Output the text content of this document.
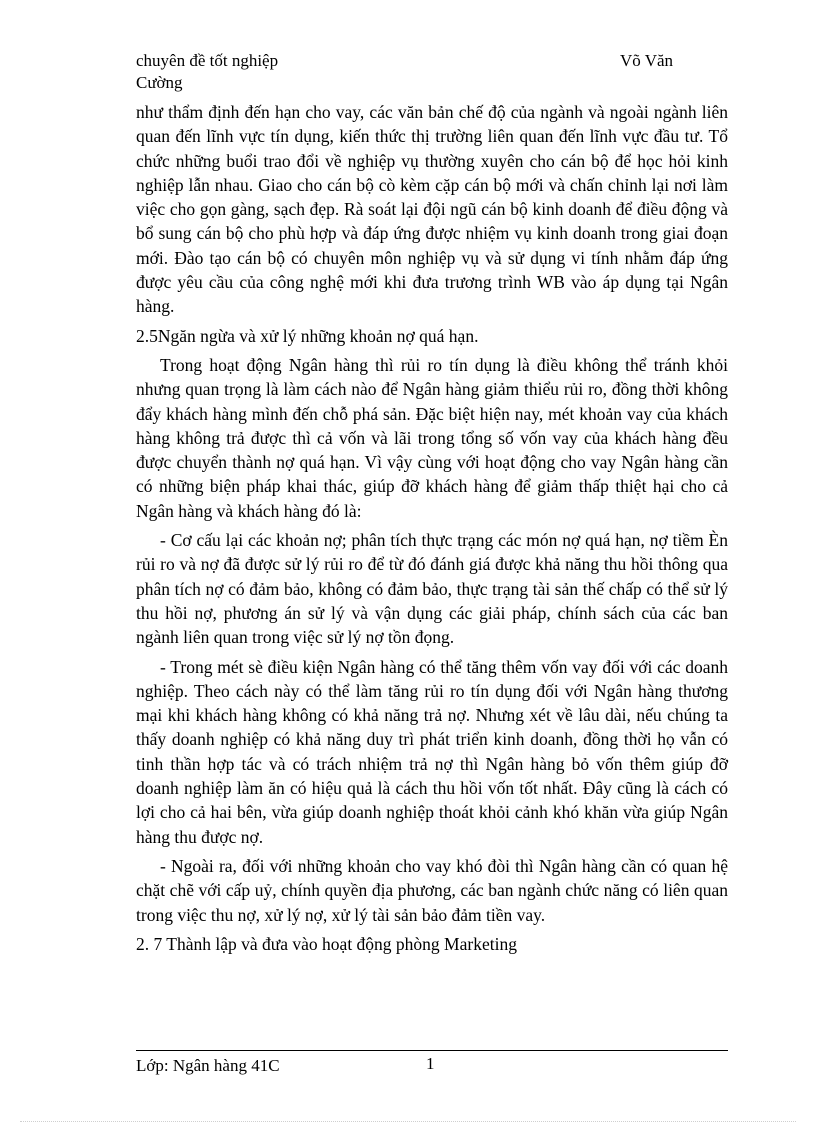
chuyên đề tốt nghiệp	Võ Văn
Cường

như thẩm định đến hạn cho vay, các văn bản chế độ của ngành và ngoài ngành liên quan đến lĩnh vực tín dụng, kiến thức thị trường liên quan đến lĩnh vực đầu tư. Tổ chức những buổi trao đổi về nghiệp vụ thường xuyên cho cán bộ để học hỏi kinh nghiệp lẫn nhau. Giao cho cán bộ cò kèm cặp cán bộ mới và chấn chỉnh lại nơi làm việc cho gọn gàng, sạch đẹp. Rà soát lại đội ngũ cán bộ kinh doanh để điều động và bổ sung cán bộ cho phù hợp và đáp ứng được nhiệm vụ kinh doanh trong giai đoạn mới. Đào tạo cán bộ có chuyên môn nghiệp vụ và sử dụng vi tính nhằm đáp ứng được yêu cầu của công nghệ mới khi đưa trương trình WB vào áp dụng tại Ngân hàng.

2.5Ngăn ngừa và xử lý những khoản nợ quá hạn.

Trong hoạt động Ngân hàng thì rủi ro tín dụng là điều không thể tránh khỏi nhưng quan trọng là làm cách nào để Ngân hàng giảm thiểu rủi ro, đồng thời không đẩy khách hàng mình đến chỗ phá sản. Đặc biệt hiện nay, mét khoản vay của khách hàng không trả được thì cả vốn và lãi trong tổng số vốn vay của khách hàng đều được chuyển thành nợ quá hạn. Vì vậy cùng với hoạt động cho vay Ngân hàng cần có những biện pháp khai thác, giúp đỡ khách hàng để giảm thấp thiệt hại cho cả Ngân hàng và khách hàng đó là:

- Cơ cấu lại các khoản nợ; phân tích thực trạng các món nợ quá hạn, nợ tiềm Èn rủi ro và nợ đã được sử lý rủi ro để từ đó đánh giá được khả năng thu hồi thông qua phân tích nợ có đảm bảo, không có đảm bảo, thực trạng tài sản thế chấp có thể sử lý thu hồi nợ, phương án sử lý và vận dụng các giải pháp, chính sách của các ban ngành liên quan trong việc sử lý nợ tồn đọng.

- Trong mét sè điều kiện Ngân hàng có thể tăng thêm vốn vay đối với các doanh nghiệp. Theo cách này có thể làm tăng rủi ro tín dụng đối với Ngân hàng thương mại khi khách hàng không có khả năng trả nợ. Nhưng xét về lâu dài, nếu chúng ta thấy doanh nghiệp có khả năng duy trì phát triển kinh doanh, đồng thời họ vẫn có tinh thần hợp tác và có trách nhiệm trả nợ thì Ngân hàng bỏ vốn thêm giúp đỡ doanh nghiệp làm ăn có hiệu quả là cách thu hồi vốn tốt nhất. Đây cũng là cách có lợi cho cả hai bên, vừa giúp doanh nghiệp thoát khỏi cảnh khó khăn vừa giúp Ngân hàng thu được nợ.

- Ngoài ra, đối với những khoản cho vay khó đòi thì Ngân hàng cần có quan hệ chặt chẽ với cấp uỷ, chính quyền địa phương, các ban ngành chức năng có liên quan trong việc thu nợ, xử lý nợ, xử lý tài sản bảo đảm tiền vay.

2. 7 Thành lập và đưa vào hoạt động phòng Marketing

Lớp: Ngân hàng 41C	1
